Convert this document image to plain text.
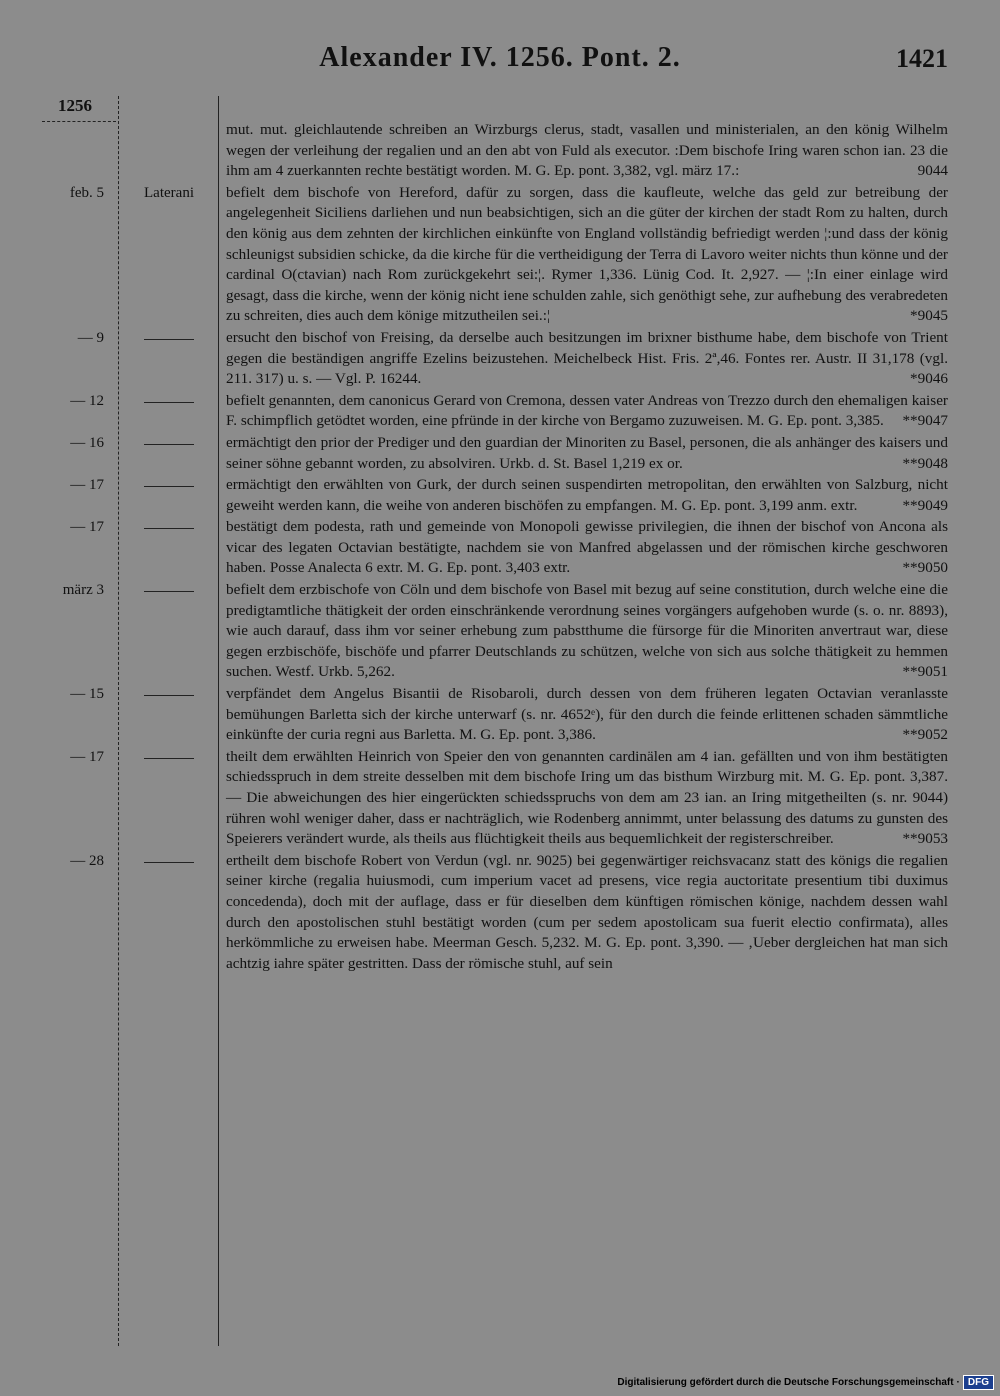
Alexander IV. 1256. Pont. 2.	1421
1256
mut. mut. gleichlautende schreiben an Wirzburgs clerus, stadt, vasallen und ministerialen, an den könig Wilhelm wegen der verleihung der regalien und an den abt von Fuld als executor. :Dem bischofe Iring waren schon ian. 23 die ihm am 4 zuerkannten rechte bestätigt worden. M. G. Ep. pont. 3,382, vgl. märz 17.:	9044
feb. 5	Laterani	befielt dem bischofe von Hereford, dafür zu sorgen, dass die kaufleute, welche das geld zur betreibung der angelegenheit Siciliens darliehen und nun beabsichtigen, sich an die güter der kirchen der stadt Rom zu halten, durch den könig aus dem zehnten der kirchlichen einkünfte von England vollständig befriedigt werden ¦:und dass der könig schleunigst subsidien schicke, da die kirche für die vertheidigung der Terra di Lavoro weiter nichts thun könne und der cardinal O(ctavian) nach Rom zurückgekehrt sei:¦. Rymer 1,336. Lünig Cod. It. 2,927. — ¦:In einer einlage wird gesagt, dass die kirche, wenn der könig nicht iene schulden zahle, sich genöthigt sehe, zur aufhebung des verabredeten zu schreiten, dies auch dem könige mitzutheilen sei.:¦	*9045
— 9	ersucht den bischof von Freising, da derselbe auch besitzungen im brixner bisthume habe, dem bischofe von Trient gegen die beständigen angriffe Ezelins beizustehen. Meichelbeck Hist. Fris. 2ª,46. Fontes rer. Austr. II 31,178 (vgl. 211. 317) u. s. — Vgl. P. 16244.	*9046
— 12	befielt genannten, dem canonicus Gerard von Cremona, dessen vater Andreas von Trezzo durch den ehemaligen kaiser F. schimpflich getödtet worden, eine pfründe in der kirche von Bergamo zuzuweisen. M. G. Ep. pont. 3,385. **9047
— 16	ermächtigt den prior der Prediger und den guardian der Minoriten zu Basel, personen, die als anhänger des kaisers und seiner söhne gebannt worden, zu absolviren. Urkb. d. St. Basel 1,219 ex or.	**9048
— 17	ermächtigt den erwählten von Gurk, der durch seinen suspendirten metropolitan, den erwählten von Salzburg, nicht geweiht werden kann, die weihe von anderen bischöfen zu empfangen. M. G. Ep. pont. 3,199 anm. extr.	**9049
— 17	bestätigt dem podesta, rath und gemeinde von Monopoli gewisse privilegien, die ihnen der bischof von Ancona als vicar des legaten Octavian bestätigte, nachdem sie von Manfred abgelassen und der römischen kirche geschworen haben. Posse Analecta 6 extr. M. G. Ep. pont. 3,403 extr.	**9050
märz 3	befielt dem erzbischofe von Cöln und dem bischofe von Basel mit bezug auf seine constitution, durch welche eine die predigtamtliche thätigkeit der orden einschränkende verordnung seines vorgängers aufgehoben wurde (s. o. nr. 8893), wie auch darauf, dass ihm vor seiner erhebung zum pabstthume die fürsorge für die Minoriten anvertraut war, diese gegen erzbischöfe, bischöfe und pfarrer Deutschlands zu schützen, welche von sich aus solche thätigkeit zu hemmen suchen. Westf. Urkb. 5,262.	**9051
— 15	verpfändet dem Angelus Bisantii de Risobaroli, durch dessen von dem früheren legaten Octavian veranlasste bemühungen Barletta sich der kirche unterwarf (s. nr. 4652ᵉ), für den durch die feinde erlittenen schaden sämmtliche einkünfte der curia regni aus Barletta. M. G. Ep. pont. 3,386.	**9052
— 17	theilt dem erwählten Heinrich von Speier den von genannten cardinälen am 4 ian. gefällten und von ihm bestätigten schiedsspruch in dem streite desselben mit dem bischofe Iring um das bisthum Wirzburg mit. M. G. Ep. pont. 3,387. — Die abweichungen des hier eingerückten schiedsspruchs von dem am 23 ian. an Iring mitgetheilten (s. nr. 9044) rühren wohl weniger daher, dass er nachträglich, wie Rodenberg annimmt, unter belassung des datums zu gunsten des Speierers verändert wurde, als theils aus flüchtigkeit theils aus bequemlichkeit der registerschreiber.	**9053
— 28	ertheilt dem bischofe Robert von Verdun (vgl. nr. 9025) bei gegenwärtiger reichsvacanz statt des königs die regalien seiner kirche (regalia huiusmodi, cum imperium vacet ad presens, vice regia auctoritate presentium tibi duximus concedenda), doch mit der auflage, dass er für dieselben dem künftigen römischen könige, nachdem dessen wahl durch den apostolischen stuhl bestätigt worden (cum per sedem apostolicam sua fuerit electio confirmata), alles herkömmliche zu erweisen habe. Meerman Gesch. 5,232. M. G. Ep. pont. 3,390. — ‚Ueber dergleichen hat man sich achtzig iahre später gestritten. Dass der römische stuhl, auf sein
Digitalisierung gefördert durch die Deutsche Forschungsgemeinschaft · DFG
